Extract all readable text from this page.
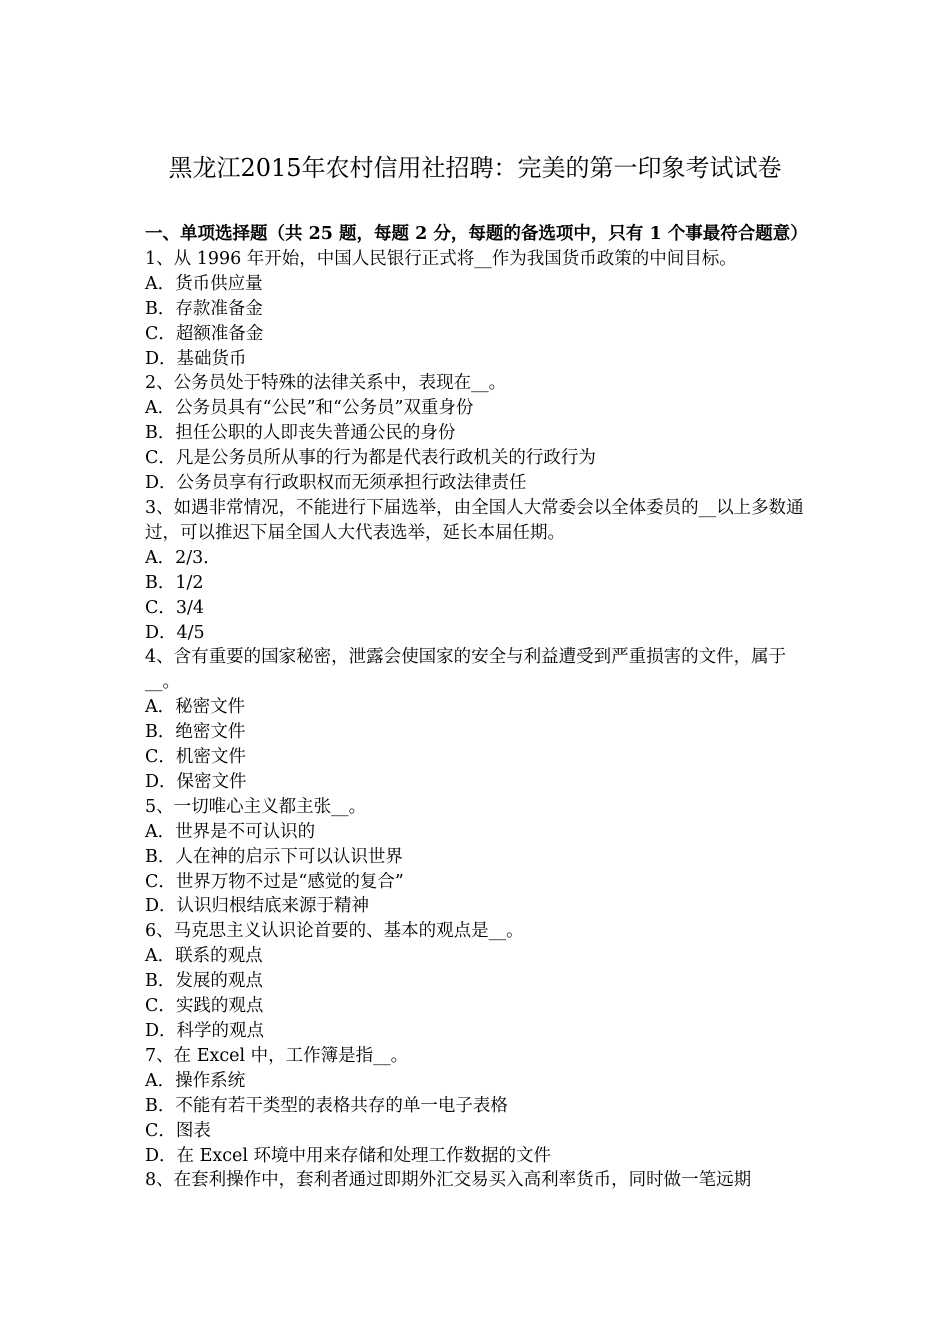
黑龙江2015年农村信用社招聘：完美的第一印象考试试卷

一、单项选择题（共 25 题，每题 2 分，每题的备选项中，只有 1 个事最符合题意）

1、从 1996 年开始，中国人民银行正式将__作为我国货币政策的中间目标。

A．货币供应量

B．存款准备金

C．超额准备金

D．基础货币

2、公务员处于特殊的法律关系中，表现在__。

A．公务员具有“公民”和“公务员”双重身份

B．担任公职的人即丧失普通公民的身份

C．凡是公务员所从事的行为都是代表行政机关的行政行为

D．公务员享有行政职权而无须承担行政法律责任

3、如遇非常情况，不能进行下届选举，由全国人大常委会以全体委员的__以上多数通过，可以推迟下届全国人大代表选举，延长本届任期。

A．2/3．

B．1/2

C．3/4

D．4/5

4、含有重要的国家秘密，泄露会使国家的安全与利益遭受到严重损害的文件，属于__。

A．秘密文件

B．绝密文件

C．机密文件

D．保密文件

5、一切唯心主义都主张__。

A．世界是不可认识的

B．人在神的启示下可以认识世界

C．世界万物不过是“感觉的复合”

D．认识归根结底来源于精神

6、马克思主义认识论首要的、基本的观点是__。

A．联系的观点

B．发展的观点

C．实践的观点

D．科学的观点

7、在 Excel 中，工作簿是指__。

A．操作系统

B．不能有若干类型的表格共存的单一电子表格

C．图表

D．在 Excel 环境中用来存储和处理工作数据的文件

8、在套利操作中，套利者通过即期外汇交易买入高利率货币，同时做一笔远期
